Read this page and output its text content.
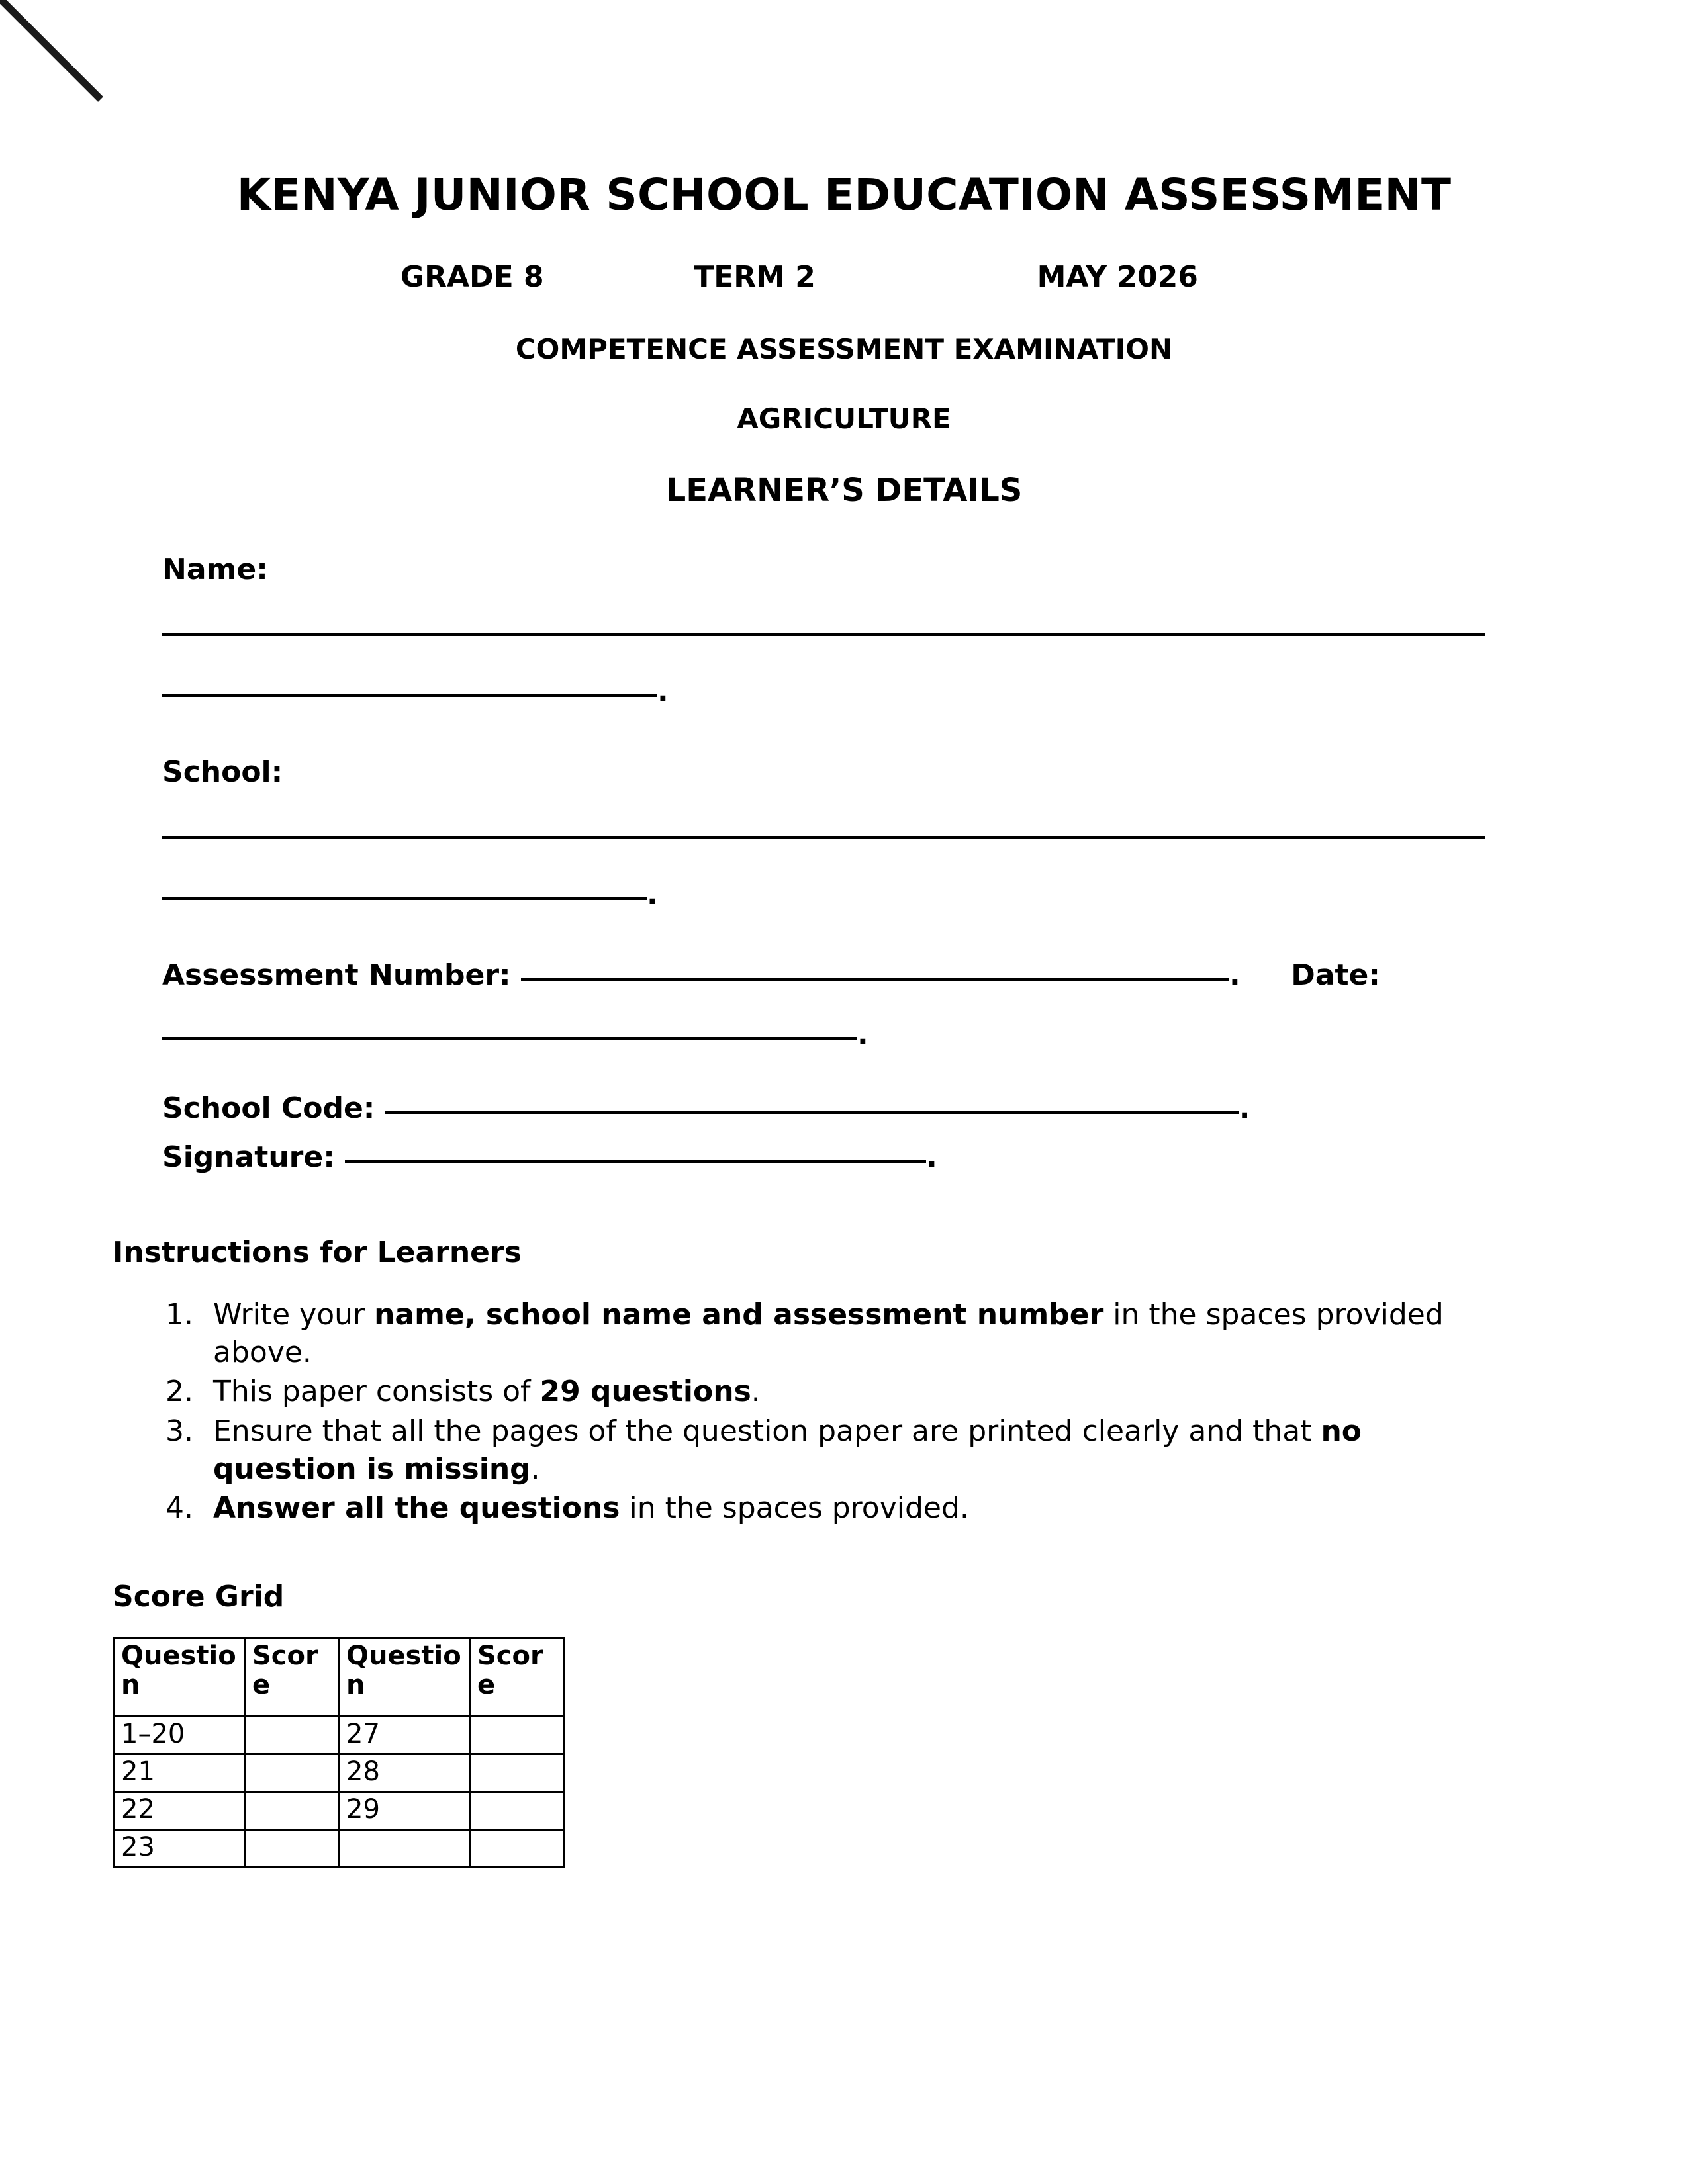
KENYA JUNIOR SCHOOL EDUCATION ASSESSMENT
GRADE 8	TERM 2	MAY 2026
COMPETENCE ASSESSMENT EXAMINATION
AGRICULTURE
LEARNER’S DETAILS
Name:
.
School:
.
Assessment Number:	. Date:
.
School Code:	.
Signature:	.
Instructions for Learners
Write your name, school name and assessment number in the spaces provided above.
This paper consists of 29 questions.
Ensure that all the pages of the question paper are printed clearly and that no question is missing.
Answer all the questions in the spaces provided.
Score Grid
Question	Score	Question	Score
1–20		27	
21		28	
22		29	
23			
